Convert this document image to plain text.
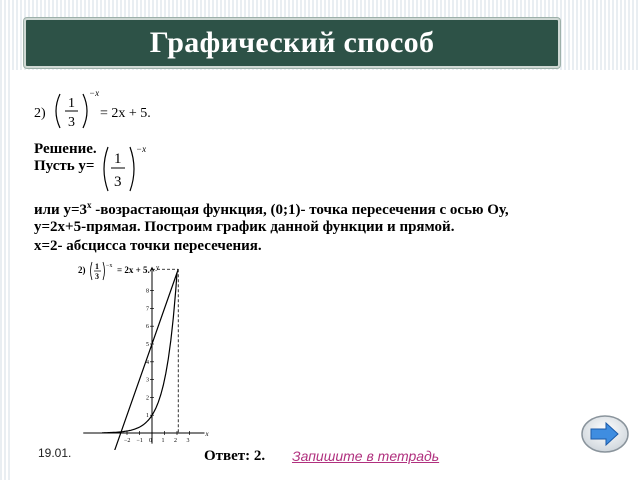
Графический способ
2)
1
3
−x
= 2x + 5.
Решение.
Пусть у= 1
3
−x
или $у=3^x$ -возрастающая функция, (0;1)- точка пересечения с осью Оу,
у=2х+5-прямая. Построим график данной функции и прямой.
х=2- абсцисса точки пересечения.
2) 1
3
−x = 2x + 5. y
x
−2 −1 0 1 2 3
1
2
3
4
5
6
7
8
19.01.	Ответ: 2. Запишите в тетрадь
